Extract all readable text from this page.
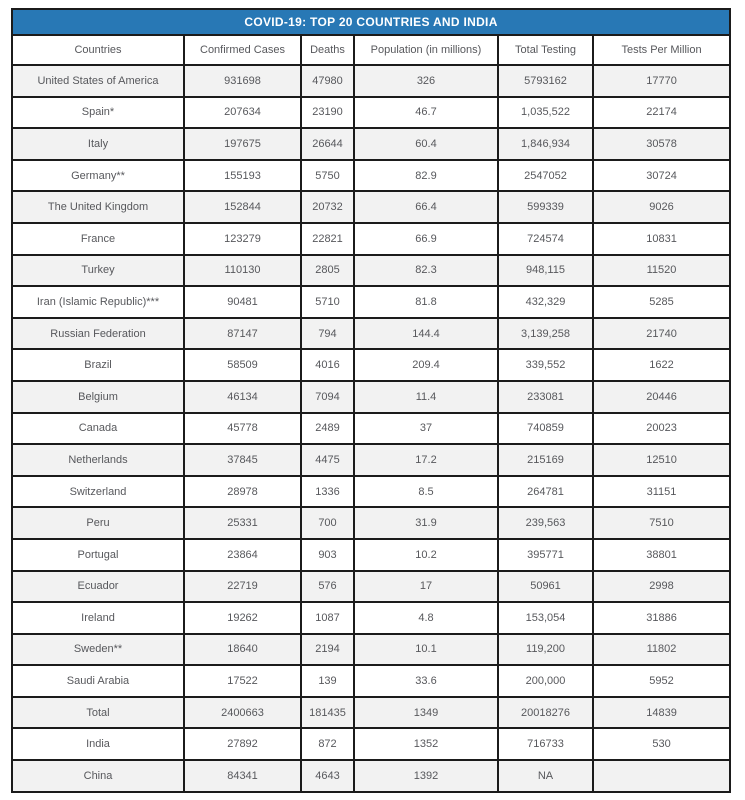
COVID-19: TOP 20 COUNTRIES AND INDIA					
Countries	Confirmed Cases	Deaths	Population (in millions)	Total Testing	Tests Per Million
United States of America	931698	47980	326	5793162	17770
Spain*	207634	23190	46.7	1,035,522	22174
Italy	197675	26644	60.4	1,846,934	30578
Germany**	155193	5750	82.9	2547052	30724
The United Kingdom	152844	20732	66.4	599339	9026
France	123279	22821	66.9	724574	10831
Turkey	110130	2805	82.3	948,115	11520
Iran (Islamic Republic)***	90481	5710	81.8	432,329	5285
Russian Federation	87147	794	144.4	3,139,258	21740
Brazil	58509	4016	209.4	339,552	1622
Belgium	46134	7094	11.4	233081	20446
Canada	45778	2489	37	740859	20023
Netherlands	37845	4475	17.2	215169	12510
Switzerland	28978	1336	8.5	264781	31151
Peru	25331	700	31.9	239,563	7510
Portugal	23864	903	10.2	395771	38801
Ecuador	22719	576	17	50961	2998
Ireland	19262	1087	4.8	153,054	31886
Sweden**	18640	2194	10.1	119,200	11802
Saudi Arabia	17522	139	33.6	200,000	5952
Total	2400663	181435	1349	20018276	14839
India	27892	872	1352	716733	530
China	84341	4643	1392	NA	
